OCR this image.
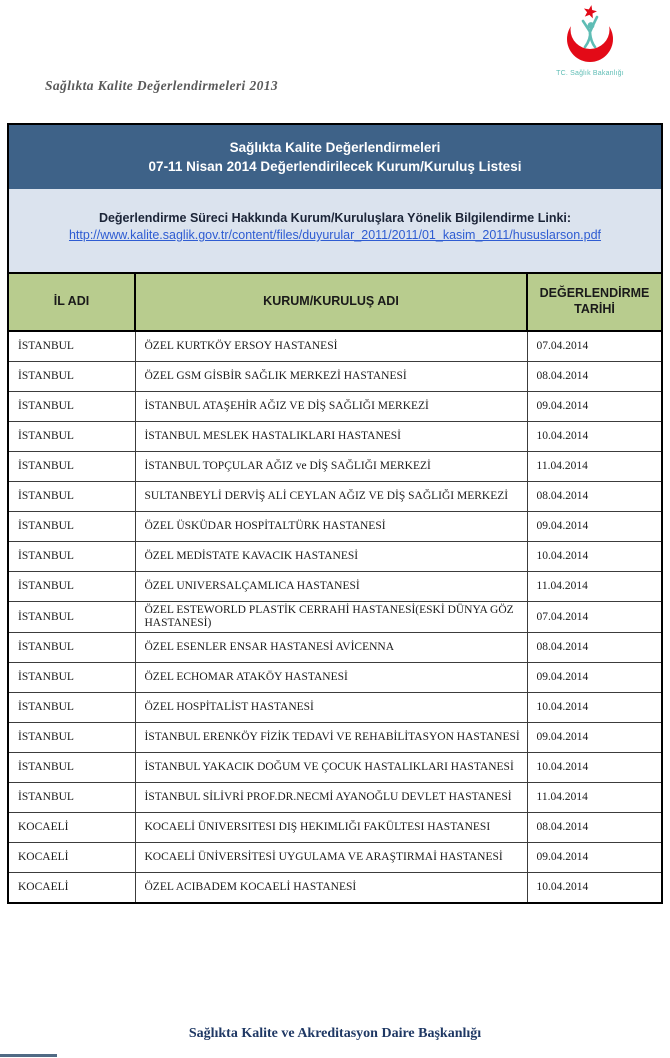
Sağlıkta Kalite Değerlendirmeleri 2013
TC. Sağlık Bakanlığı
Sağlıkta Kalite Değerlendirmeleri
07-11 Nisan 2014 Değerlendirilecek Kurum/Kuruluş Listesi
Değerlendirme Süreci Hakkında Kurum/Kuruluşlara Yönelik Bilgilendirme Linki:
http://www.kalite.saglik.gov.tr/content/files/duyurular_2011/2011/01_kasim_2011/hususlarson.pdf
İL ADI	KURUM/KURULUŞ ADI	DEĞERLENDİRME TARİHİ
İSTANBUL	ÖZEL KURTKÖY ERSOY HASTANESİ	07.04.2014
İSTANBUL	ÖZEL GSM GİSBİR SAĞLIK MERKEZİ HASTANESİ	08.04.2014
İSTANBUL	İSTANBUL ATAŞEHİR AĞIZ VE DİŞ SAĞLIĞI MERKEZİ	09.04.2014
İSTANBUL	İSTANBUL MESLEK HASTALIKLARI HASTANESİ	10.04.2014
İSTANBUL	İSTANBUL TOPÇULAR AĞIZ ve DİŞ SAĞLIĞI MERKEZİ	11.04.2014
İSTANBUL	SULTANBEYLİ DERVİŞ ALİ CEYLAN AĞIZ VE DİŞ SAĞLIĞI MERKEZİ	08.04.2014
İSTANBUL	ÖZEL ÜSKÜDAR HOSPİTALTÜRK HASTANESİ	09.04.2014
İSTANBUL	ÖZEL MEDİSTATE KAVACIK HASTANESİ	10.04.2014
İSTANBUL	ÖZEL UNIVERSALÇAMLICA HASTANESİ	11.04.2014
İSTANBUL	ÖZEL ESTEWORLD PLASTİK CERRAHİ HASTANESİ(ESKİ DÜNYA GÖZ HASTANESİ)	07.04.2014
İSTANBUL	ÖZEL ESENLER ENSAR HASTANESİ AVİCENNA	08.04.2014
İSTANBUL	ÖZEL ECHOMAR ATAKÖY HASTANESİ	09.04.2014
İSTANBUL	ÖZEL HOSPİTALİST HASTANESİ	10.04.2014
İSTANBUL	İSTANBUL ERENKÖY FİZİK TEDAVİ VE REHABİLİTASYON HASTANESİ	09.04.2014
İSTANBUL	İSTANBUL YAKACIK DOĞUM VE ÇOCUK HASTALIKLARI HASTANESİ	10.04.2014
İSTANBUL	İSTANBUL SİLİVRİ PROF.DR.NECMİ AYANOĞLU DEVLET HASTANESİ	11.04.2014
KOCAELİ	KOCAELİ ÜNIVERSITESI DIŞ HEKIMLIĞI FAKÜLTESI HASTANESI	08.04.2014
KOCAELİ	KOCAELİ ÜNİVERSİTESİ UYGULAMA VE ARAŞTIRMAİ HASTANESİ	09.04.2014
KOCAELİ	ÖZEL ACIBADEM KOCAELİ HASTANESİ	10.04.2014
Sağlıkta Kalite ve Akreditasyon Daire Başkanlığı
